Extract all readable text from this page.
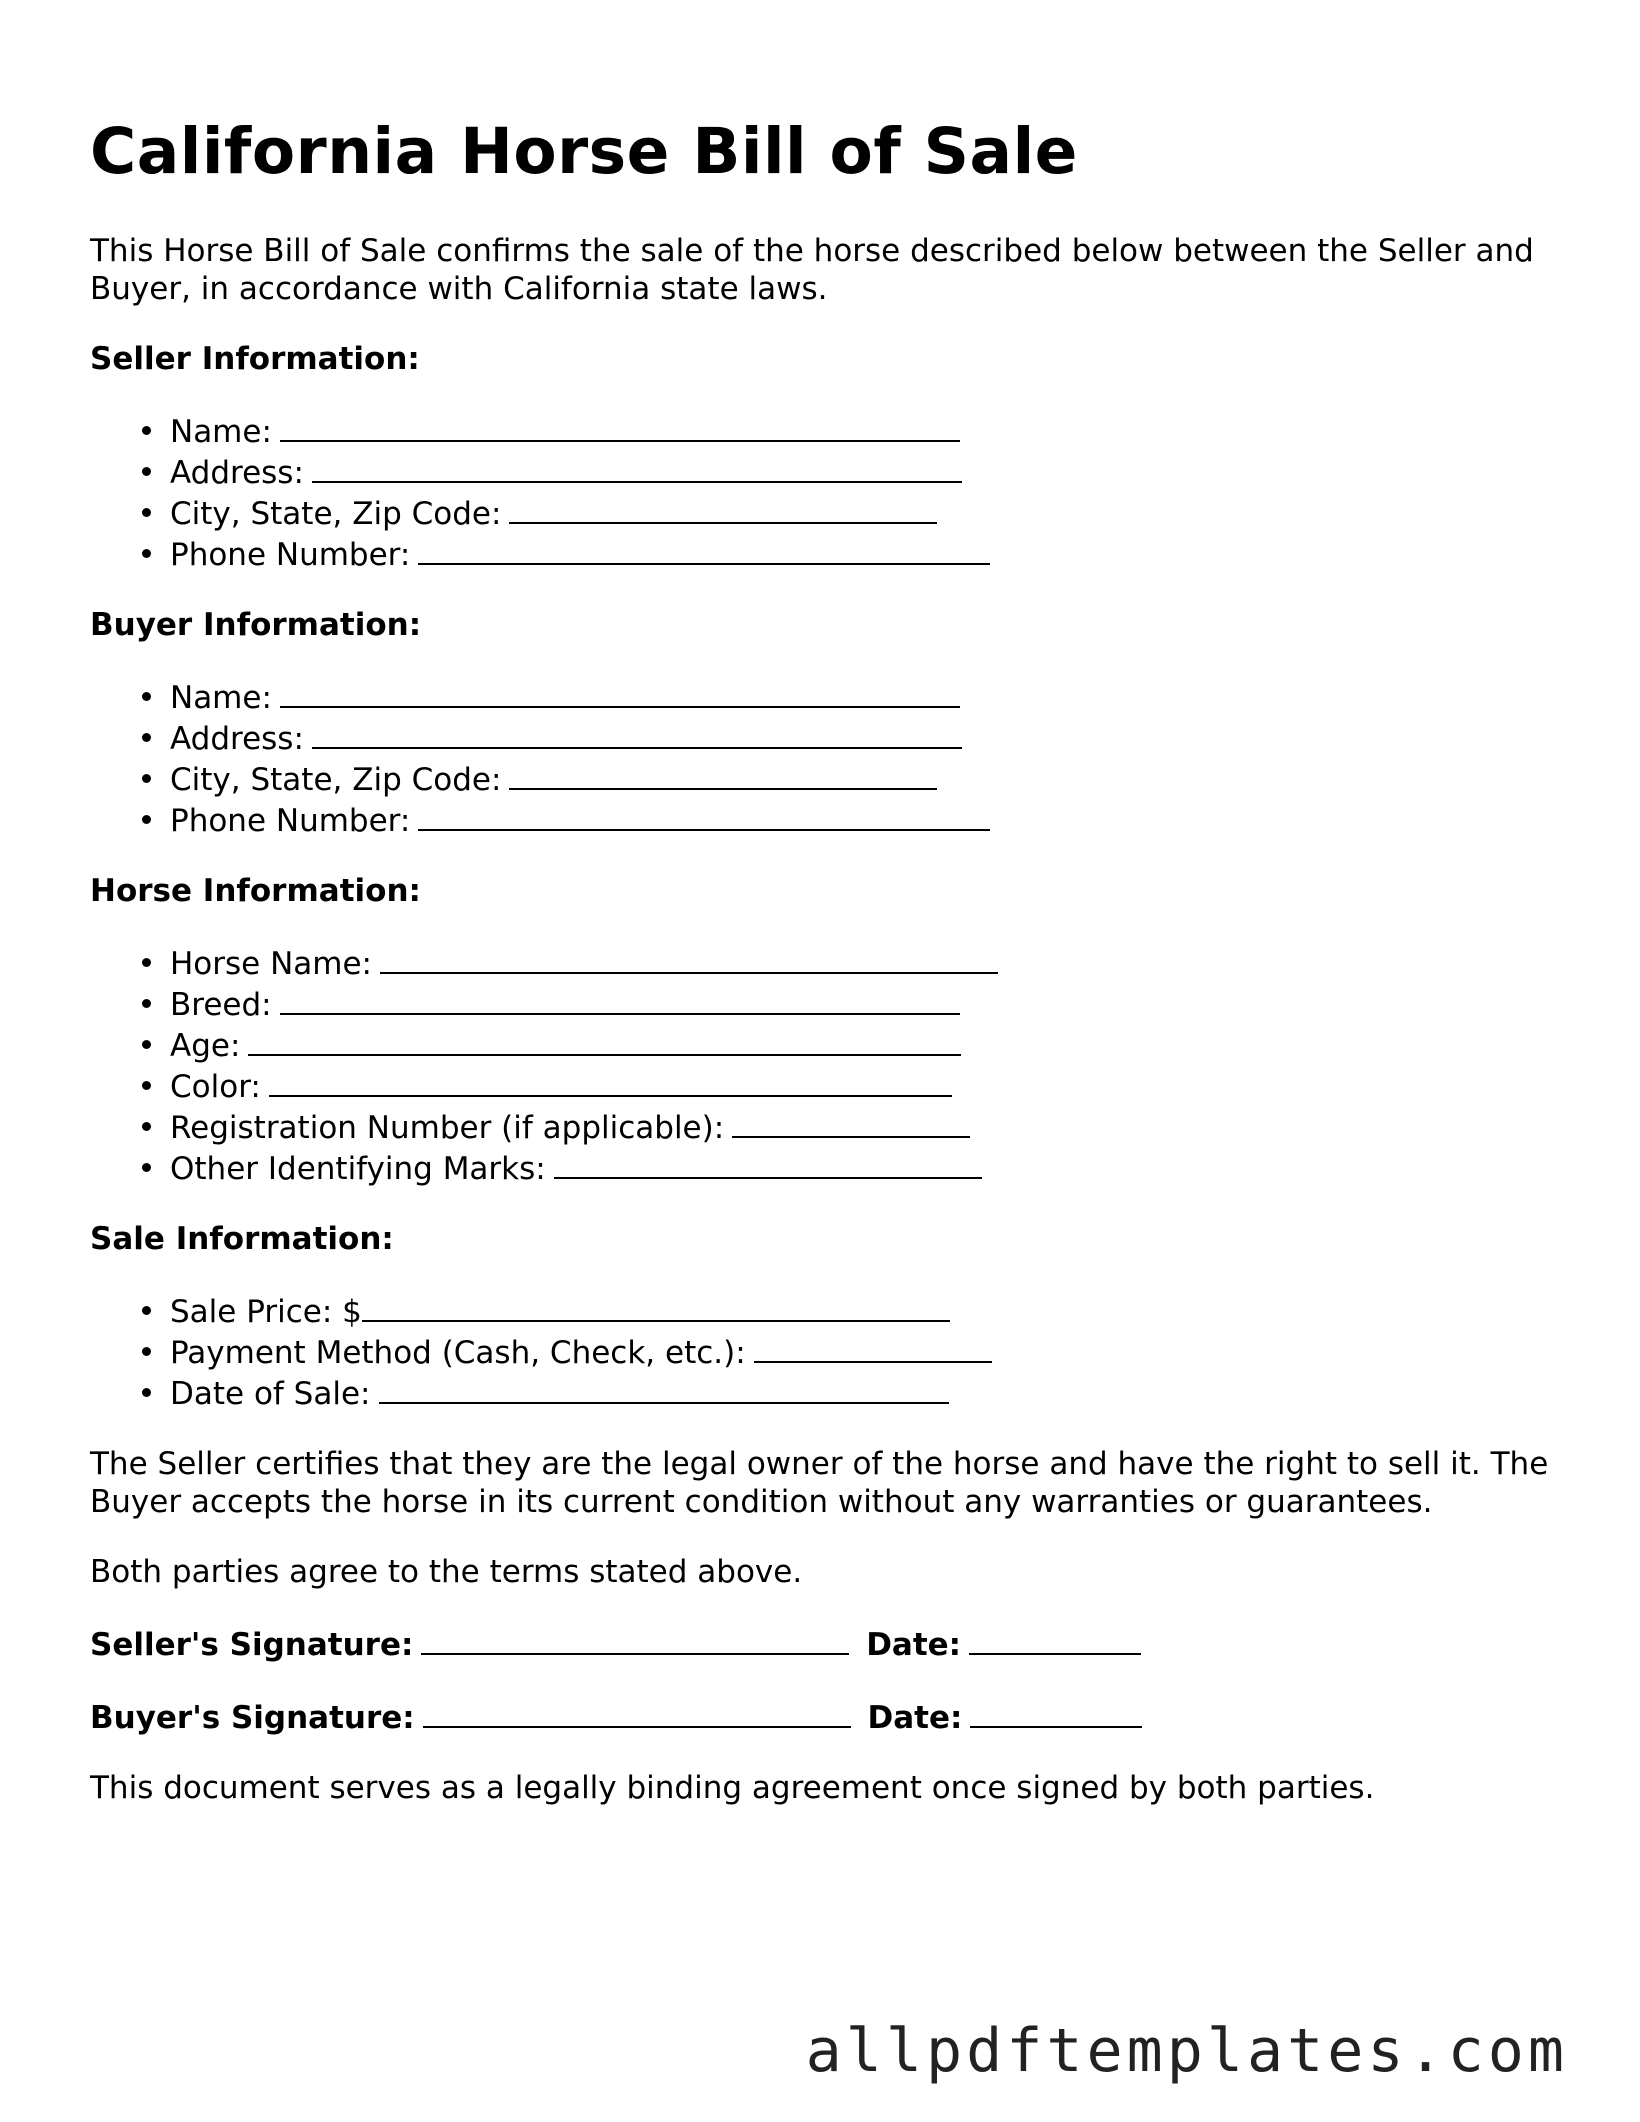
California Horse Bill of Sale

This Horse Bill of Sale confirms the sale of the horse described below between the Seller and Buyer, in accordance with California state laws.

Seller Information:
Name:
Address:
City, State, Zip Code:
Phone Number:
Buyer Information:
Name:
Address:
City, State, Zip Code:
Phone Number:
Horse Information:
Horse Name:
Breed:
Age:
Color:
Registration Number (if applicable):
Other Identifying Marks:
Sale Information:
Sale Price: $
Payment Method (Cash, Check, etc.):
Date of Sale:

The Seller certifies that they are the legal owner of the horse and have the right to sell it. The Buyer accepts the horse in its current condition without any warranties or guarantees.

Both parties agree to the terms stated above.

Seller's Signature:	Date:
Buyer's Signature:	Date:

This document serves as a legally binding agreement once signed by both parties.

allpdftemplates.com
